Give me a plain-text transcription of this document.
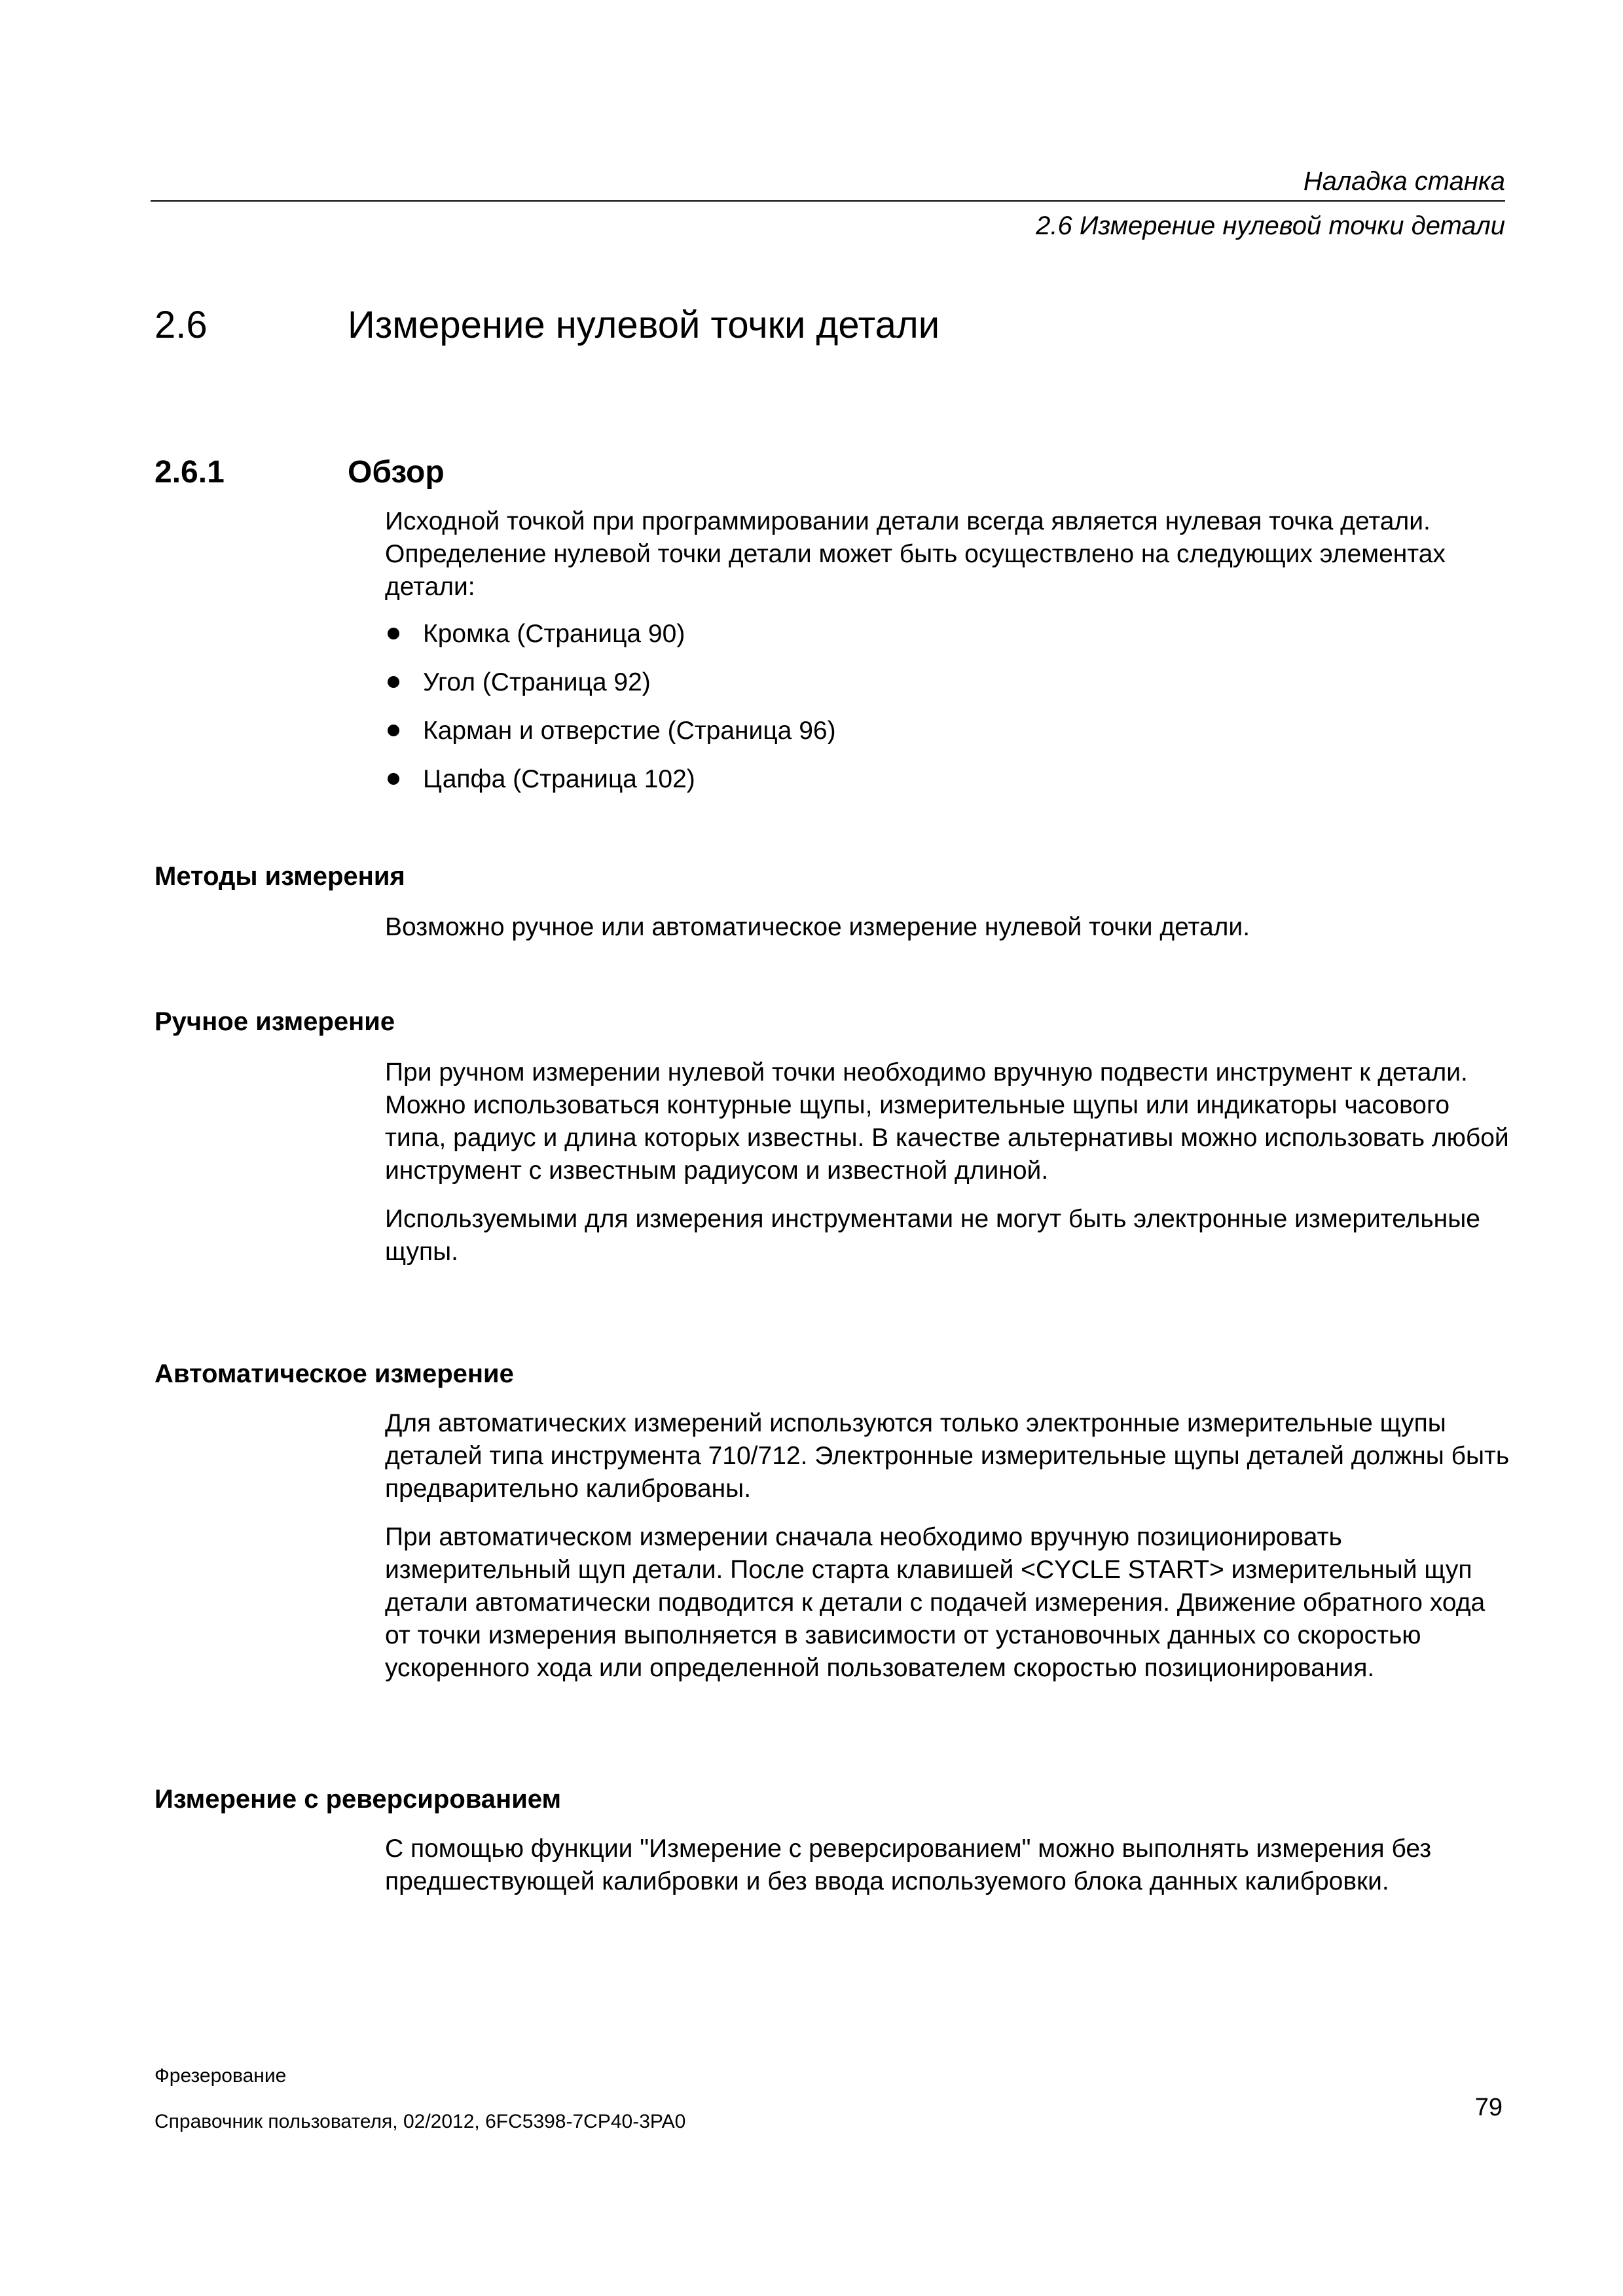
Наладка станка
2.6 Измерение нулевой точки детали
2.6	Измерение нулевой точки детали
2.6.1	Обзор

Исходной точкой при программировании детали всегда является нулевая точка детали. Определение нулевой точки детали может быть осуществлено на следующих элементах детали:

Кромка (Страница 90)
Угол (Страница 92)
Карман и отверстие (Страница 96)
Цапфа (Страница 102)
Методы измерения

Возможно ручное или автоматическое измерение нулевой точки детали.

Ручное измерение

При ручном измерении нулевой точки необходимо вручную подвести инструмент к детали. Можно использоваться контурные щупы, измерительные щупы или индикаторы часового типа, радиус и длина которых известны. В качестве альтернативы можно использовать любой инструмент с известным радиусом и известной длиной.

Используемыми для измерения инструментами не могут быть электронные измерительные щупы.

Автоматическое измерение

Для автоматических измерений используются только электронные измерительные щупы деталей типа инструмента 710/712. Электронные измерительные щупы деталей должны быть предварительно калиброваны.

При автоматическом измерении сначала необходимо вручную позиционировать измерительный щуп детали. После старта клавишей <CYCLE START> измерительный щуп детали автоматически подводится к детали с подачей измерения. Движение обратного хода от точки измерения выполняется в зависимости от установочных данных со скоростью ускоренного хода или определенной пользователем скоростью позиционирования.

Измерение с реверсированием

С помощью функции "Измерение с реверсированием" можно выполнять измерения без предшествующей калибровки и без ввода используемого блока данных калибровки.

Фрезерование
Справочник пользователя, 02/2012, 6FC5398-7CP40-3PA0
79
